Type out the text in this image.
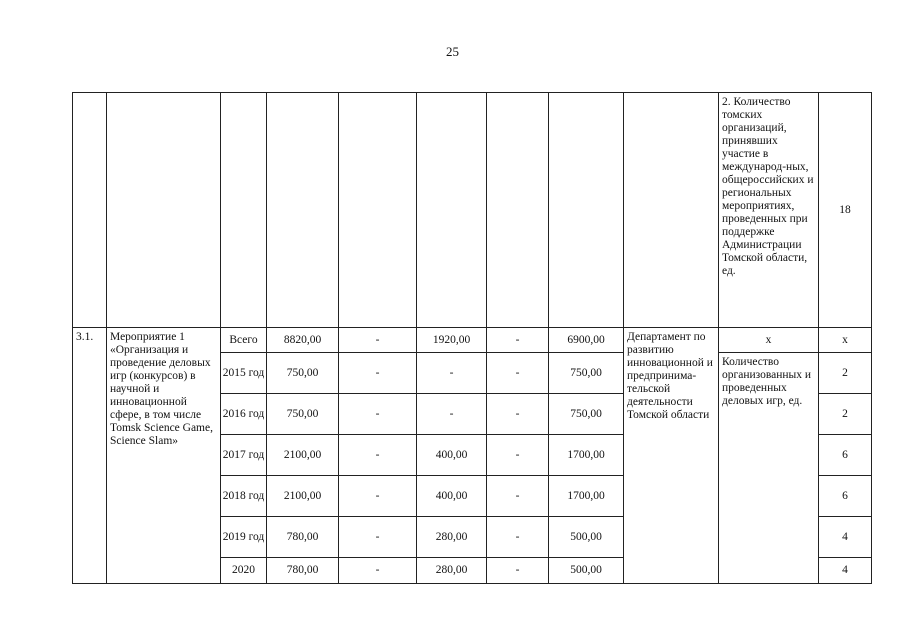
25
									2. Количество томских организаций, принявших участие в международ-ных, общероссийских и региональных мероприятиях, проведенных при поддержке Администрации Томской области, ед.	18
3.1.	Мероприятие 1 «Организация и проведение деловых игр (конкурсов) в научной и инновационной сфере, в том числе Tomsk Science Game, Science Slam»	Всего	8820,00	-	1920,00	-	6900,00	Департамент по развитию инновационной и предпринима-тельской деятельности Томской области	х	х
		2015 год	750,00	-	-	-	750,00		Количество организованных и проведенных деловых игр, ед.	2
		2016 год	750,00	-	-	-	750,00			2
		2017 год	2100,00	-	400,00	-	1700,00			6
		2018 год	2100,00	-	400,00	-	1700,00			6
		2019 год	780,00	-	280,00	-	500,00			4
		2020	780,00	-	280,00	-	500,00			4
